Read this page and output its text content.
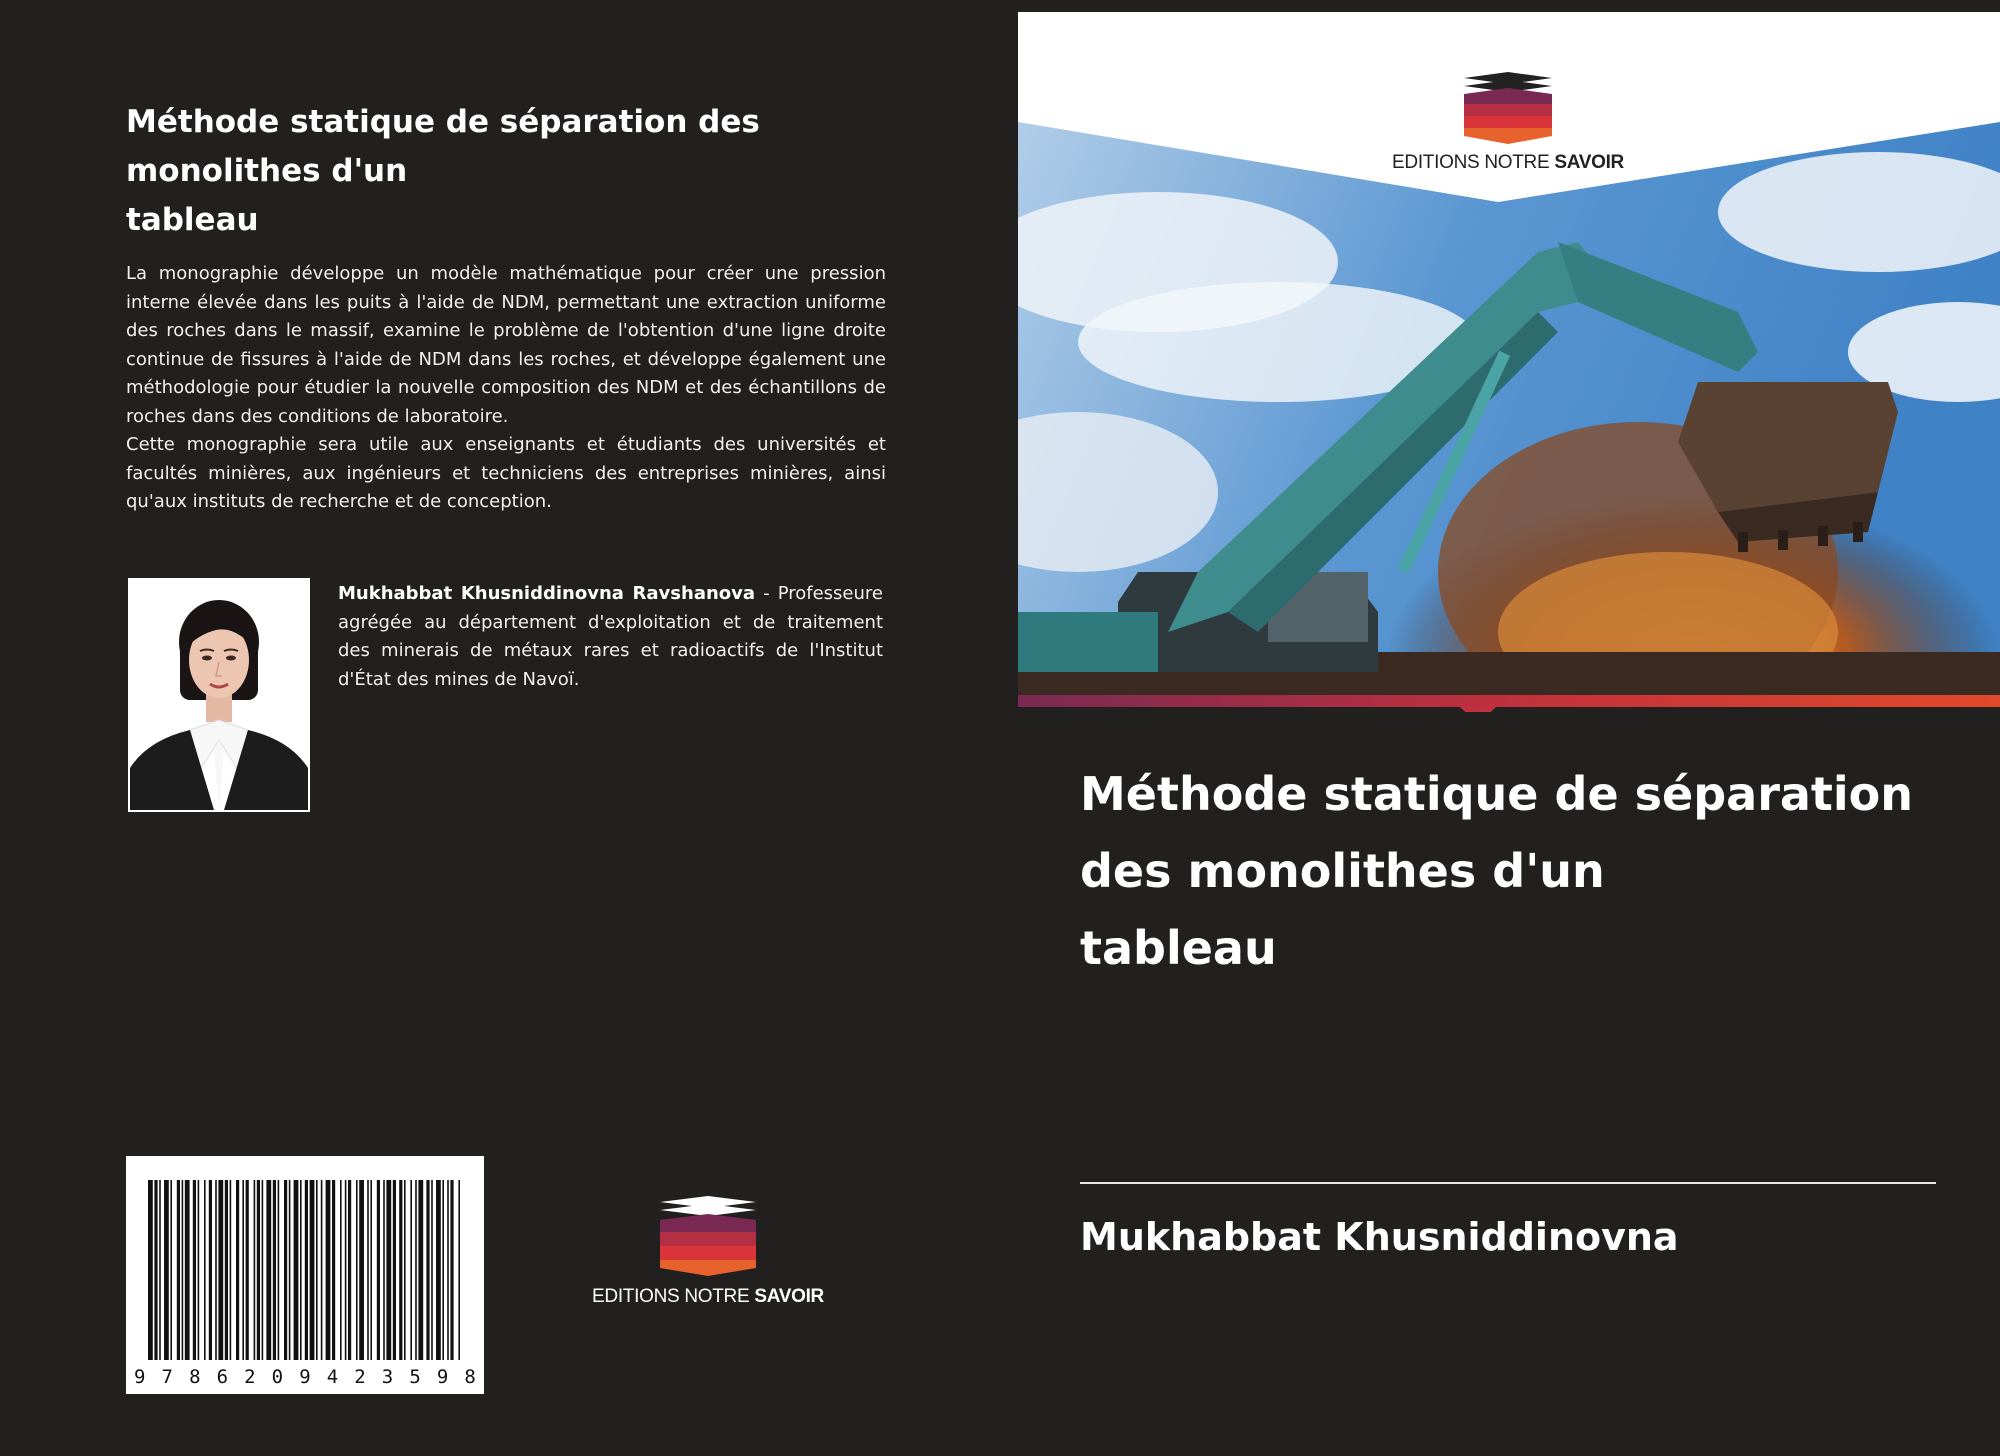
Méthode statique de séparation des
monolithes d'un
tableau

La monographie développe un modèle mathématique pour créer une pression interne élevée dans les puits à l'aide de NDM, permettant une extraction uniforme des roches dans le massif, examine le problème de l'obtention d'une ligne droite continue de fissures à l'aide de NDM dans les roches, et développe également une méthodologie pour étudier la nouvelle composition des NDM et des échantillons de roches dans des conditions de laboratoire.

Cette monographie sera utile aux enseignants et étudiants des universités et facultés minières, aux ingénieurs et techniciens des entreprises minières, ainsi qu'aux instituts de recherche et de conception.

Mukhabbat Khusniddinovna Ravshanova - Professeure agrégée au département d'exploitation et de traitement des minerais de métaux rares et radioactifs de l'Institut d'État des mines de Navoï.
9 7 8 6 2 0 9 4 2 3 5 9 8
EDITIONS NOTRE SAVOIR
EDITIONS NOTRE SAVOIR
Méthode statique de séparation
des monolithes d'un
tableau
Mukhabbat Khusniddinovna
